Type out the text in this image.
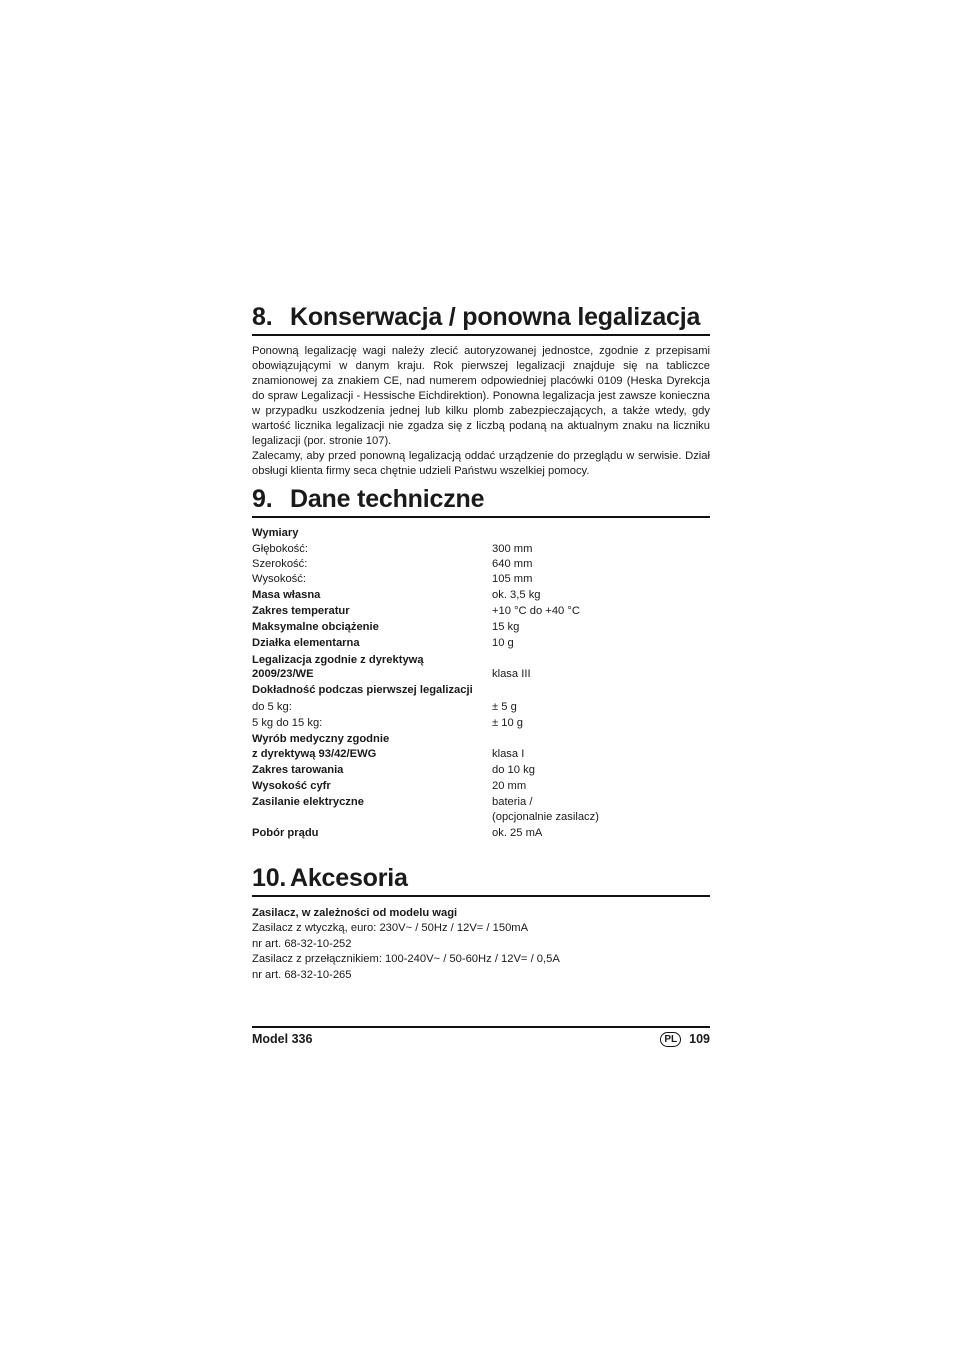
8. Konserwacja / ponowna legalizacja

Ponowną legalizację wagi należy zlecić autoryzowanej jednostce, zgodnie z przepisami obowiązującymi w danym kraju. Rok pierwszej legalizacji znajduje się na tabliczce znamionowej za znakiem CE, nad numerem odpowiedniej placówki 0109 (Heska Dyrekcja do spraw Legalizacji - Hessische Eichdirektion). Ponowna legalizacja jest zawsze konieczna w przypadku uszkodzenia jednej lub kilku plomb zabezpieczających, a także wtedy, gdy wartość licznika legalizacji nie zgadza się z liczbą podaną na aktualnym znaku na liczniku legalizacji (por. stronie 107).

Zalecamy, aby przed ponowną legalizacją oddać urządzenie do przeglądu w serwisie. Dział obsługi klienta firmy seca chętnie udzieli Państwu wszelkiej pomocy.

9. Dane techniczne
Wymiary
Głębokość:	300 mm
Szerokość:	640 mm
Wysokość:	105 mm
Masa własna	ok. 3,5 kg
Zakres temperatur	+10 °C do +40 °C
Maksymalne obciążenie	15 kg
Działka elementarna	10 g
Legalizacja zgodnie z dyrektywą
2009/23/WE	klasa III
Dokładność podczas pierwszej legalizacji
do 5 kg:	± 5 g
5 kg do 15 kg:	± 10 g
Wyrób medyczny zgodnie
z dyrektywą 93/42/EWG	klasa I
Zakres tarowania	do 10 kg
Wysokość cyfr	20 mm
Zasilanie elektryczne	bateria /
(opcjonalnie zasilacz)
Pobór prądu	ok. 25 mA
10. Akcesoria
Zasilacz, w zależności od modelu wagi
Zasilacz z wtyczką, euro: 230V~ / 50Hz / 12V= / 150mA
nr art. 68-32-10-252
Zasilacz z przełącznikiem: 100-240V~ / 50-60Hz / 12V= / 0,5A
nr art. 68-32-10-265
Model 336	PL 109
